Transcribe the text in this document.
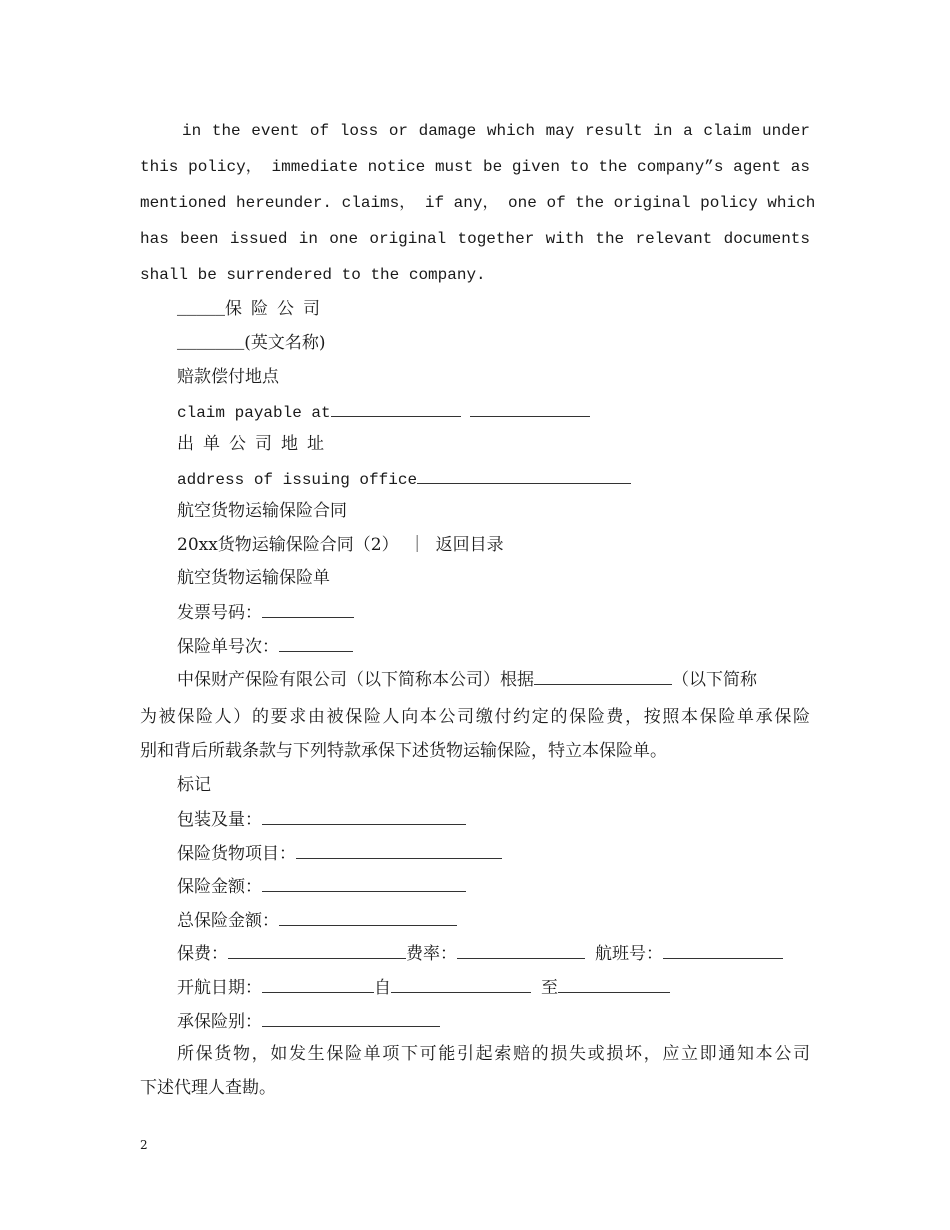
in the event of loss or damage which may result in a claim under
this policy， immediate notice must be given to the company”s agent as
mentioned hereunder. claims， if any， one of the original policy which
has been issued in one original together with the relevant documents
shall be surrendered to the company.
_____保险公司
_______(英文名称)
赔款偿付地点
claim payable at
出单公司地址
address of issuing office
航空货物运输保险合同
20xx货物运输保险合同（2） ｜ 返回目录
航空货物运输保险单
发票号码：
保险单号次：
中保财产保险有限公司（以下简称本公司）根据	（以下简称
为被保险人）的要求由被保险人向本公司缴付约定的保险费，按照本保险单承保险
别和背后所载条款与下列特款承保下述货物运输保险，特立本保险单。
标记
包装及量：
保险货物项目：
保险金额：
总保险金额：
保费：	费率：	航班号：
开航日期：	自	至
承保险别：
所保货物，如发生保险单项下可能引起索赔的损失或损坏，应立即通知本公司
下述代理人查勘。
2
